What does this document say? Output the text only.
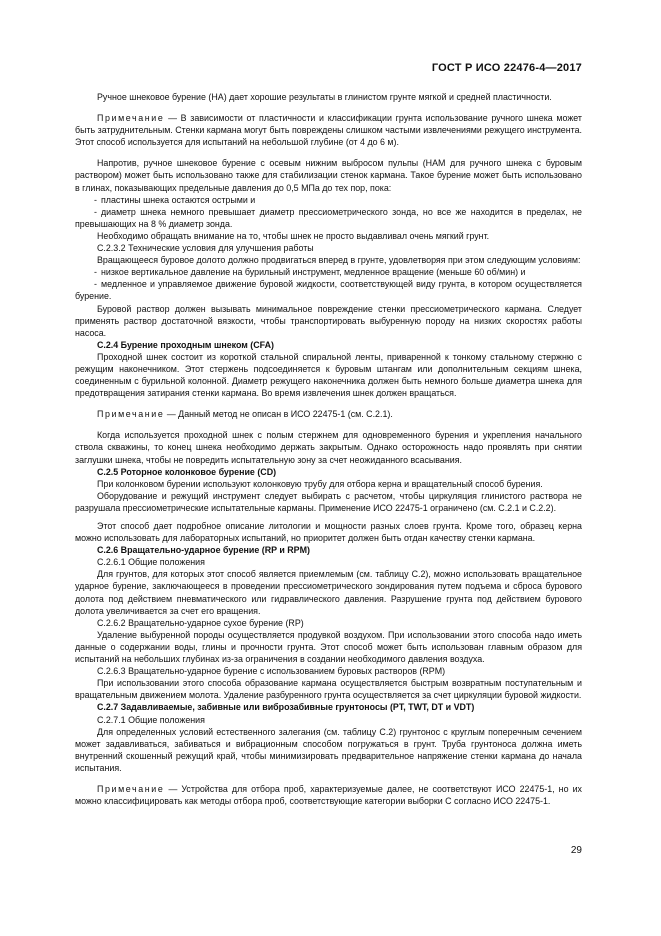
ГОСТ Р ИСО 22476-4—2017

Ручное шнековое бурение (НА) дает хорошие результаты в глинистом грунте мягкой и средней пластичности.

Примечание — В зависимости от пластичности и классификации грунта использование ручного шнека может быть затруднительным. Стенки кармана могут быть повреждены слишком частыми извлечениями режущего инструмента. Этот способ используется для испытаний на небольшой глубине (от 4 до 6 м).

Напротив, ручное шнековое бурение с осевым нижним выбросом пульпы (НАМ для ручного шнека с буровым раствором) может быть использовано также для стабилизации стенок кармана. Такое бурение может быть использовано в глинах, показывающих предельные давления до 0,5 МПа до тех пор, пока:

- пластины шнека остаются острыми и

- диаметр шнека немного превышает диаметр прессиометрического зонда, но все же находится в пределах, не превышающих на 8 % диаметр зонда.

Необходимо обращать внимание на то, чтобы шнек не просто выдавливал очень мягкий грунт.

С.2.3.2 Технические условия для улучшения работы

Вращающееся буровое долото должно продвигаться вперед в грунте, удовлетворяя при этом следующим условиям:

- низкое вертикальное давление на бурильный инструмент, медленное вращение (меньше 60 об/мин) и

- медленное и управляемое движение буровой жидкости, соответствующей виду грунта, в котором осуществляется бурение.

Буровой раствор должен вызывать минимальное повреждение стенки прессиометрического кармана. Следует применять раствор достаточной вязкости, чтобы транспортировать выбуренную породу на низких скоростях работы насоса.

С.2.4 Бурение проходным шнеком (CFA)

Проходной шнек состоит из короткой стальной спиральной ленты, приваренной к тонкому стальному стержню с режущим наконечником. Этот стержень подсоединяется к буровым штангам или дополнительным секциям шнека, соединенным с бурильной колонной. Диаметр режущего наконечника должен быть немного больше диаметра шнека для предотвращения затирания стенки кармана. Во время извлечения шнек должен вращаться.

Примечание — Данный метод не описан в ИСО 22475-1 (см. С.2.1).

Когда используется проходной шнек с полым стержнем для одновременного бурения и укрепления начального ствола скважины, то конец шнека необходимо держать закрытым. Однако осторожность надо проявлять при снятии заглушки шнека, чтобы не повредить испытательную зону за счет неожиданного всасывания.

С.2.5 Роторное колонковое бурение (CD)

При колонковом бурении используют колонковую трубу для отбора керна и вращательный способ бурения.

Оборудование и режущий инструмент следует выбирать с расчетом, чтобы циркуляция глинистого раствора не разрушала прессиометрические испытательные карманы. Применение ИСО 22475-1 ограничено (см. С.2.1 и С.2.2).

Этот способ дает подробное описание литологии и мощности разных слоев грунта. Кроме того, образец керна можно использовать для лабораторных испытаний, но приоритет должен быть отдан качеству стенки кармана.

С.2.6 Вращательно-ударное бурение (RP и RPM)

С.2.6.1 Общие положения

Для грунтов, для которых этот способ является приемлемым (см. таблицу С.2), можно использовать вращательное ударное бурение, заключающееся в проведении прессиометрического зондирования путем подъема и сброса бурового долота под действием пневматического или гидравлического давления. Разрушение грунта под действием бурового долота увеличивается за счет его вращения.

С.2.6.2 Вращательно-ударное сухое бурение (RP)

Удаление выбуренной породы осуществляется продувкой воздухом. При использовании этого способа надо иметь данные о содержании воды, глины и прочности грунта. Этот способ может быть использован главным образом для испытаний на небольших глубинах из-за ограничения в создании необходимого давления воздуха.

С.2.6.3 Вращательно-ударное бурение с использованием буровых растворов (RPM)

При использовании этого способа образование кармана осуществляется быстрым возвратным поступательным и вращательным движением молота. Удаление разбуренного грунта осуществляется за счет циркуляции буровой жидкости.

С.2.7 Задавливаемые, забивные или виброзабивные грунтоносы (PT, TWT, DT и VDT)

С.2.7.1 Общие положения

Для определенных условий естественного залегания (см. таблицу С.2) грунтонос с круглым поперечным сечением может задавливаться, забиваться и вибрационным способом погружаться в грунт. Труба грунтоноса должна иметь внутренний скошенный режущий край, чтобы минимизировать предварительное напряжение стенки кармана до начала испытания.

Примечание — Устройства для отбора проб, характеризуемые далее, не соответствуют ИСО 22475-1, но их можно классифицировать как методы отбора проб, соответствующие категории выборки С согласно ИСО 22475-1.

29
